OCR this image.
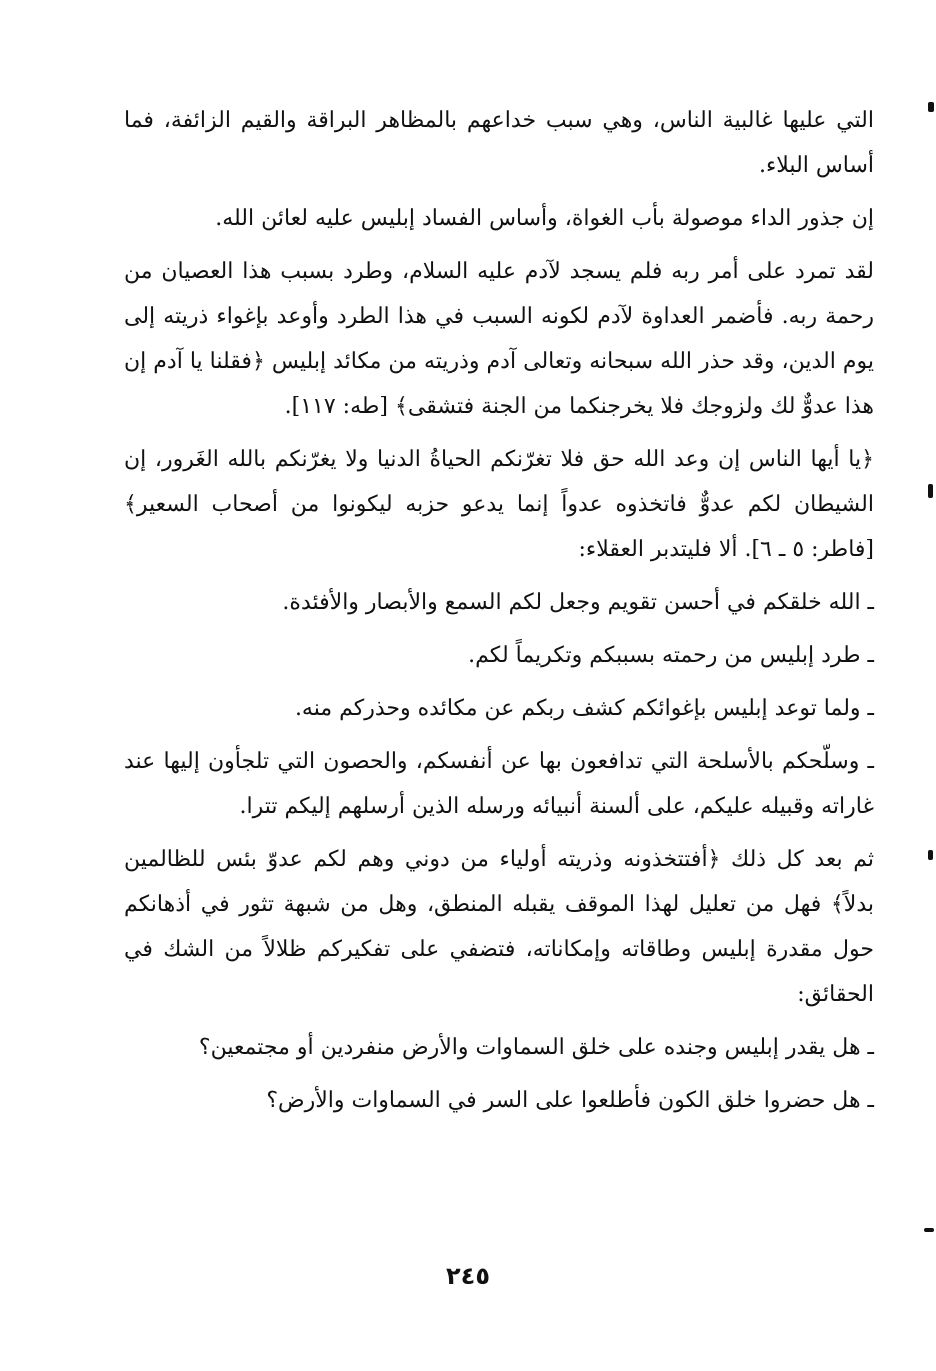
التي عليها غالبية الناس، وهي سبب خداعهم بالمظاهر البراقة والقيم الزائفة، فما أساس البلاء.

إن جذور الداء موصولة بأب الغواة، وأساس الفساد إبليس عليه لعائن الله.

لقد تمرد على أمر ربه فلم يسجد لآدم عليه السلام، وطرد بسبب هذا العصيان من رحمة ربه. فأضمر العداوة لآدم لكونه السبب في هذا الطرد وأوعد بإغواء ذريته إلى يوم الدين، وقد حذر الله سبحانه وتعالى آدم وذريته من مكائد إبليس ﴿فقلنا يا آدم إن هذا عدوٌّ لك ولزوجك فلا يخرجنكما من الجنة فتشقى﴾ [طه: ١١٧].

﴿يا أيها الناس إن وعد الله حق فلا تغرّنكم الحياةُ الدنيا ولا يغرّنكم بالله الغَرور، إن الشيطان لكم عدوٌّ فاتخذوه عدواً إنما يدعو حزبه ليكونوا من أصحاب السعير﴾ [فاطر: ٥ ـ ٦]. ألا فليتدبر العقلاء:

ـ الله خلقكم في أحسن تقويم وجعل لكم السمع والأبصار والأفئدة.

ـ طرد إبليس من رحمته بسببكم وتكريماً لكم.

ـ ولما توعد إبليس بإغوائكم كشف ربكم عن مكائده وحذركم منه.

ـ وسلّحكم بالأسلحة التي تدافعون بها عن أنفسكم، والحصون التي تلجأون إليها عند غاراته وقبيله عليكم، على ألسنة أنبيائه ورسله الذين أرسلهم إليكم تترا.

ثم بعد كل ذلك ﴿أفتتخذونه وذريته أولياء من دوني وهم لكم عدوّ بئس للظالمين بدلاً﴾ فهل من تعليل لهذا الموقف يقبله المنطق، وهل من شبهة تثور في أذهانكم حول مقدرة إبليس وطاقاته وإمكاناته، فتضفي على تفكيركم ظلالاً من الشك في الحقائق:

ـ هل يقدر إبليس وجنده على خلق السماوات والأرض منفردين أو مجتمعين؟

ـ هل حضروا خلق الكون فأطلعوا على السر في السماوات والأرض؟

٢٤٥
